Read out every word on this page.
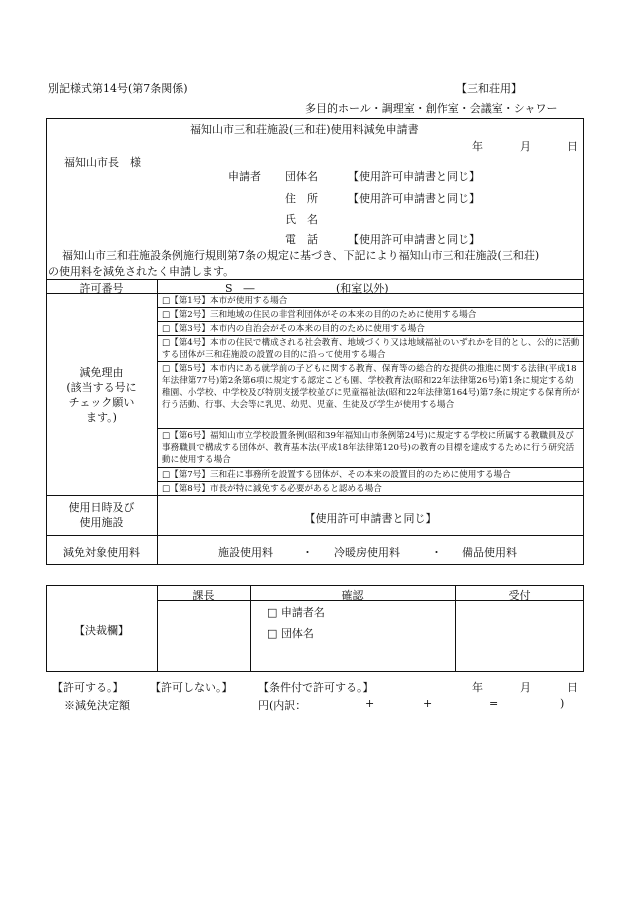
別記様式第14号(第7条関係)	【三和荘用】
多目的ホール・調理室・創作室・会議室・シャワー
福知山市三和荘施設(三和荘)使用料減免申請書
年	月	日
福知山市長　様
申請者 団体名	【使用許可申請書と同じ】
住　所	【使用許可申請書と同じ】
氏　名
電　話	【使用許可申請書と同じ】
福知山市三和荘施設条例施行規則第7条の規定に基づき、下記により福知山市三和荘施設(三和荘)
の使用料を減免されたく申請します。
許可番号	S　―	(和室以外)
減免理由
(該当する号に
チェック願い
ます。)
□【第1号】本市が使用する場合
□【第2号】三和地域の住民の非営利団体がその本来の目的のために使用する場合
□【第3号】本市内の自治会がその本来の目的のために使用する場合
□【第4号】本市の住民で構成される社会教育、地域づくり又は地域福祉のいずれかを目的とし、公的に活動する団体が三和荘施設の設置の目的に沿って使用する場合
□【第5号】本市内にある就学前の子どもに関する教育、保育等の総合的な提供の推進に関する法律(平成18年法律第77号)第2条第6項に規定する認定こども園、学校教育法(昭和22年法律第26号)第1条に規定する幼稚園、小学校、中学校及び特別支援学校並びに児童福祉法(昭和22年法律第164号)第7条に規定する保育所が行う活動、行事、大会等に乳児、幼児、児童、生徒及び学生が使用する場合
□【第6号】福知山市立学校設置条例(昭和39年福知山市条例第24号)に規定する学校に所属する教職員及び事務職員で構成する団体が、教育基本法(平成18年法律第120号)の教育の目標を達成するために行う研究活動に使用する場合
□【第7号】三和荘に事務所を設置する団体が、その本来の設置目的のために使用する場合
□【第8号】市長が特に減免する必要があると認める場合
使用日時及び
使用施設	【使用許可申請書と同じ】
減免対象使用料	施設使用料	・ 冷暖房使用料	・ 備品使用料
【決裁欄】
課長	確認	受付
□ 申請者名
□ 団体名
【許可する。】 【許可しない。】 【条件付で許可する。】	年	月	日
※減免決定額	円(内訳：	+	+	=	)
